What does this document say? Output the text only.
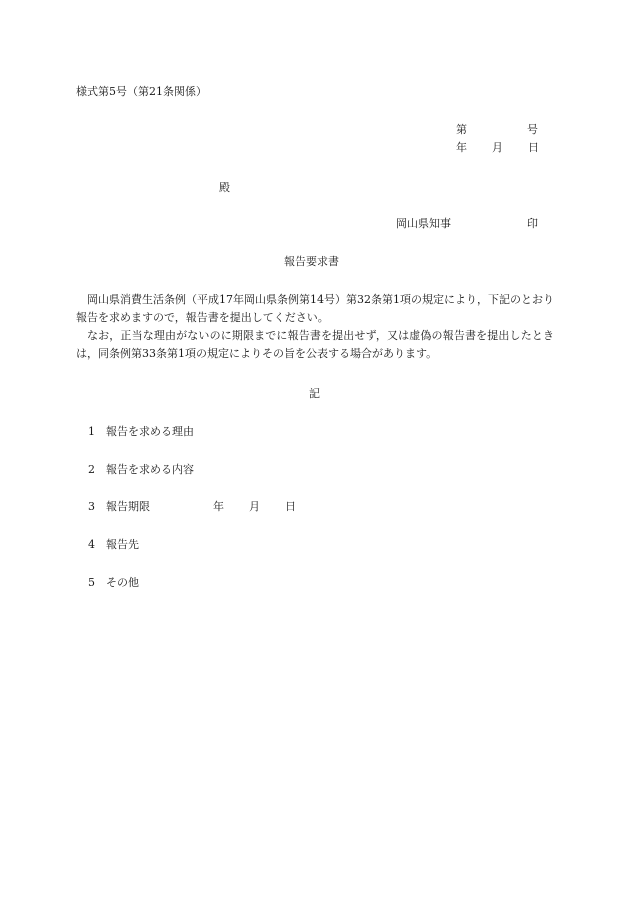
様式第5号（第21条関係）
第	号
年 月 日
殿
岡山県知事	印
報告要求書

岡山県消費生活条例（平成17年岡山県条例第14号）第32条第1項の規定により，下記のとおり報告を求めますので，報告書を提出してください。

なお，正当な理由がないのに期限までに報告書を提出せず，又は虚偽の報告書を提出したときは，同条例第33条第1項の規定によりその旨を公表する場合があります。

記
1 報告を求める理由
2 報告を求める内容
3 報告期限	年 月 日
4 報告先
5 その他
